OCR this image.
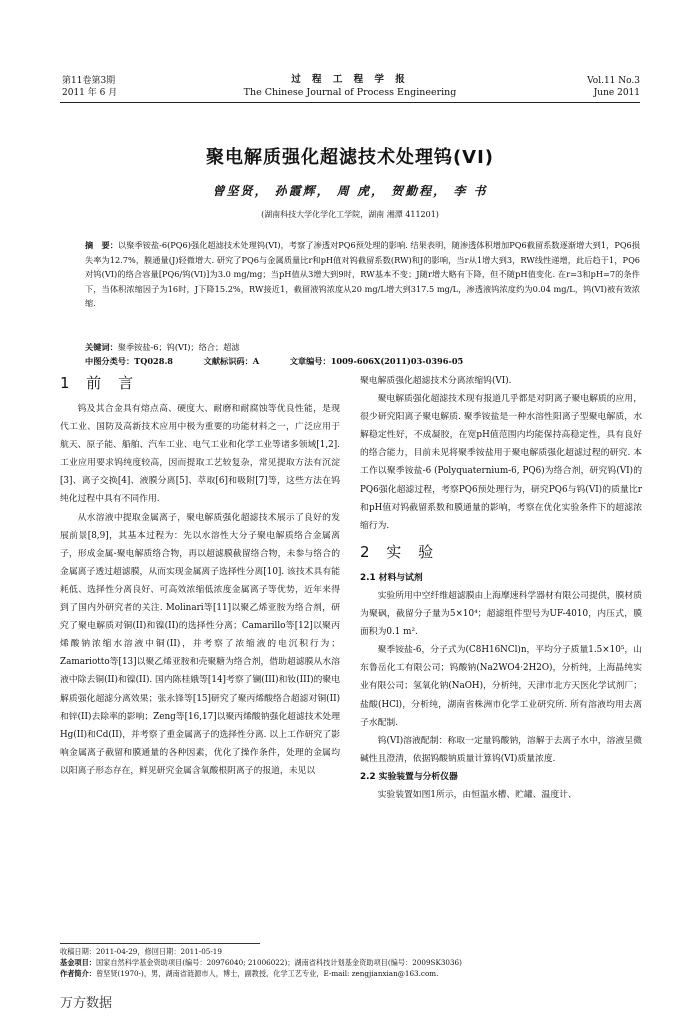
第11卷第3期
2011 年 6 月
过 程 工 程 学 报
The Chinese Journal of Process Engineering
Vol.11 No.3
June 2011
聚电解质强化超滤技术处理钨(VI)
曾坚贤， 孙霞辉， 周 虎， 贺勤程， 李 书
(湖南科技大学化学化工学院，湖南 湘潭 411201)
摘　要：以聚季铵盐-6(PQ6)强化超滤技术处理钨(VI)，考察了渗透对PQ6预处理的影响. 结果表明，随渗透体积增加PQ6截留系数逐渐增大到1，PQ6损失率为12.7%，膜通量(J)轻微增大. 研究了PQ6与金属质量比r和pH值对钨截留系数(RW)和J的影响，当r从1增大到3，RW线性递增，此后趋于1，PQ6对钨(VI)的络合容量[PQ6/钨(VI)]为3.0 mg/mg；当pH值从3增大到9时，RW基本不变；J随r增大略有下降，但不随pH值变化. 在r=3和pH=7的条件下，当体积浓缩因子为16时，J下降15.2%，RW接近1，截留液钨浓度从20 mg/L增大到317.5 mg/L，渗透液钨浓度约为0.04 mg/L，钨(VI)被有效浓缩.
关键词：聚季铵盐-6；钨(VI)；络合；超滤
中图分类号：TQ028.8	文献标识码：A	文章编号：1009-606X(2011)03-0396-05
1 前 言

钨及其合金具有熔点高、硬度大、耐磨和耐腐蚀等优良性能，是现代工业、国防及高新技术应用中极为重要的功能材料之一，广泛应用于航天、原子能、船舶、汽车工业、电气工业和化学工业等诸多领域[1,2]. 工业应用要求钨纯度较高，因而提取工艺较复杂，常见提取方法有沉淀[3]、离子交换[4]、液膜分离[5]、萃取[6]和吸附[7]等，这些方法在钨纯化过程中具有不同作用.

从水溶液中提取金属离子，聚电解质强化超滤技术展示了良好的发展前景[8,9]，其基本过程为：先以水溶性大分子聚电解质络合金属离子，形成金属-聚电解质络合物，再以超滤膜截留络合物，未参与络合的金属离子透过超滤膜，从而实现金属离子选择性分离[10]. 该技术具有能耗低、选择性分离良好、可高效浓缩低浓度金属离子等优势，近年来得到了国内外研究者的关注. Molinari等[11]以聚乙烯亚胺为络合剂，研究了聚电解质对铜(II)和镍(II)的选择性分离；Camarillo等[12]以聚丙烯酸钠浓缩水溶液中铜(II)，并考察了浓缩液的电沉积行为；Zamariotto等[13]以聚乙烯亚胺和壳聚糖为络合剂，借助超滤膜从水溶液中除去铜(II)和镍(II). 国内陈桂娥等[14]考察了镧(III)和钕(III)的聚电解质强化超滤分离效果；张永锋等[15]研究了聚丙烯酸络合超滤对铜(II)和锌(II)去除率的影响；Zeng等[16,17]以聚丙烯酸钠强化超滤技术处理Hg(II)和Cd(II)，并考察了重金属离子的选择性分离. 以上工作研究了影响金属离子截留和膜通量的各种因素，优化了操作条件，处理的金属均以阳离子形态存在，鲜见研究金属含氧酸根阴离子的报道，未见以

聚电解质强化超滤技术分离浓缩钨(VI).

聚电解质强化超滤技术现有报道几乎都是对阴离子聚电解质的应用，很少研究阳离子聚电解质. 聚季铵盐是一种水溶性阳离子型聚电解质，水解稳定性好，不成凝胶，在宽pH值范围内均能保持高稳定性，具有良好的络合能力，目前未见将聚季铵盐用于聚电解质强化超滤过程的研究. 本工作以聚季铵盐-6 (Polyquaternium-6, PQ6)为络合剂，研究钨(VI)的PQ6强化超滤过程，考察PQ6预处理行为，研究PQ6与钨(VI)的质量比r和pH值对钨截留系数和膜通量的影响，考察在优化实验条件下的超滤浓缩行为.

2 实 验

2.1 材料与试剂

实验所用中空纤维超滤膜由上海摩速科学器材有限公司提供，膜材质为聚砜，截留分子量为5×10⁴；超滤组件型号为UF-4010，内压式，膜面积为0.1 m².

聚季铵盐-6，分子式为(C8H16NCl)n，平均分子质量1.5×10⁵，山东鲁岳化工有限公司；钨酸钠(Na2WO4·2H2O)，分析纯，上海晶纯实业有限公司；氢氧化钠(NaOH)，分析纯，天津市北方天医化学试剂厂；盐酸(HCl)，分析纯，湖南省株洲市化学工业研究所. 所有溶液均用去离子水配制.

钨(VI)溶液配制：称取一定量钨酸钠，溶解于去离子水中，溶液呈微碱性且澄清，依据钨酸钠质量计算钨(VI)质量浓度.

2.2 实验装置与分析仪器

实验装置如图1所示，由恒温水槽、贮罐、温度计、

收稿日期：2011-04-29，修回日期：2011-05-19
基金项目：国家自然科学基金资助项目(编号：20976040; 21006022)；湖南省科技计划基金资助项目(编号：2009SK3036)
作者简介：曾坚贤(1970-)，男，湖南省涟源市人，博士，副教授，化学工艺专业，E-mail: zengjianxian@163.com.
万方数据
